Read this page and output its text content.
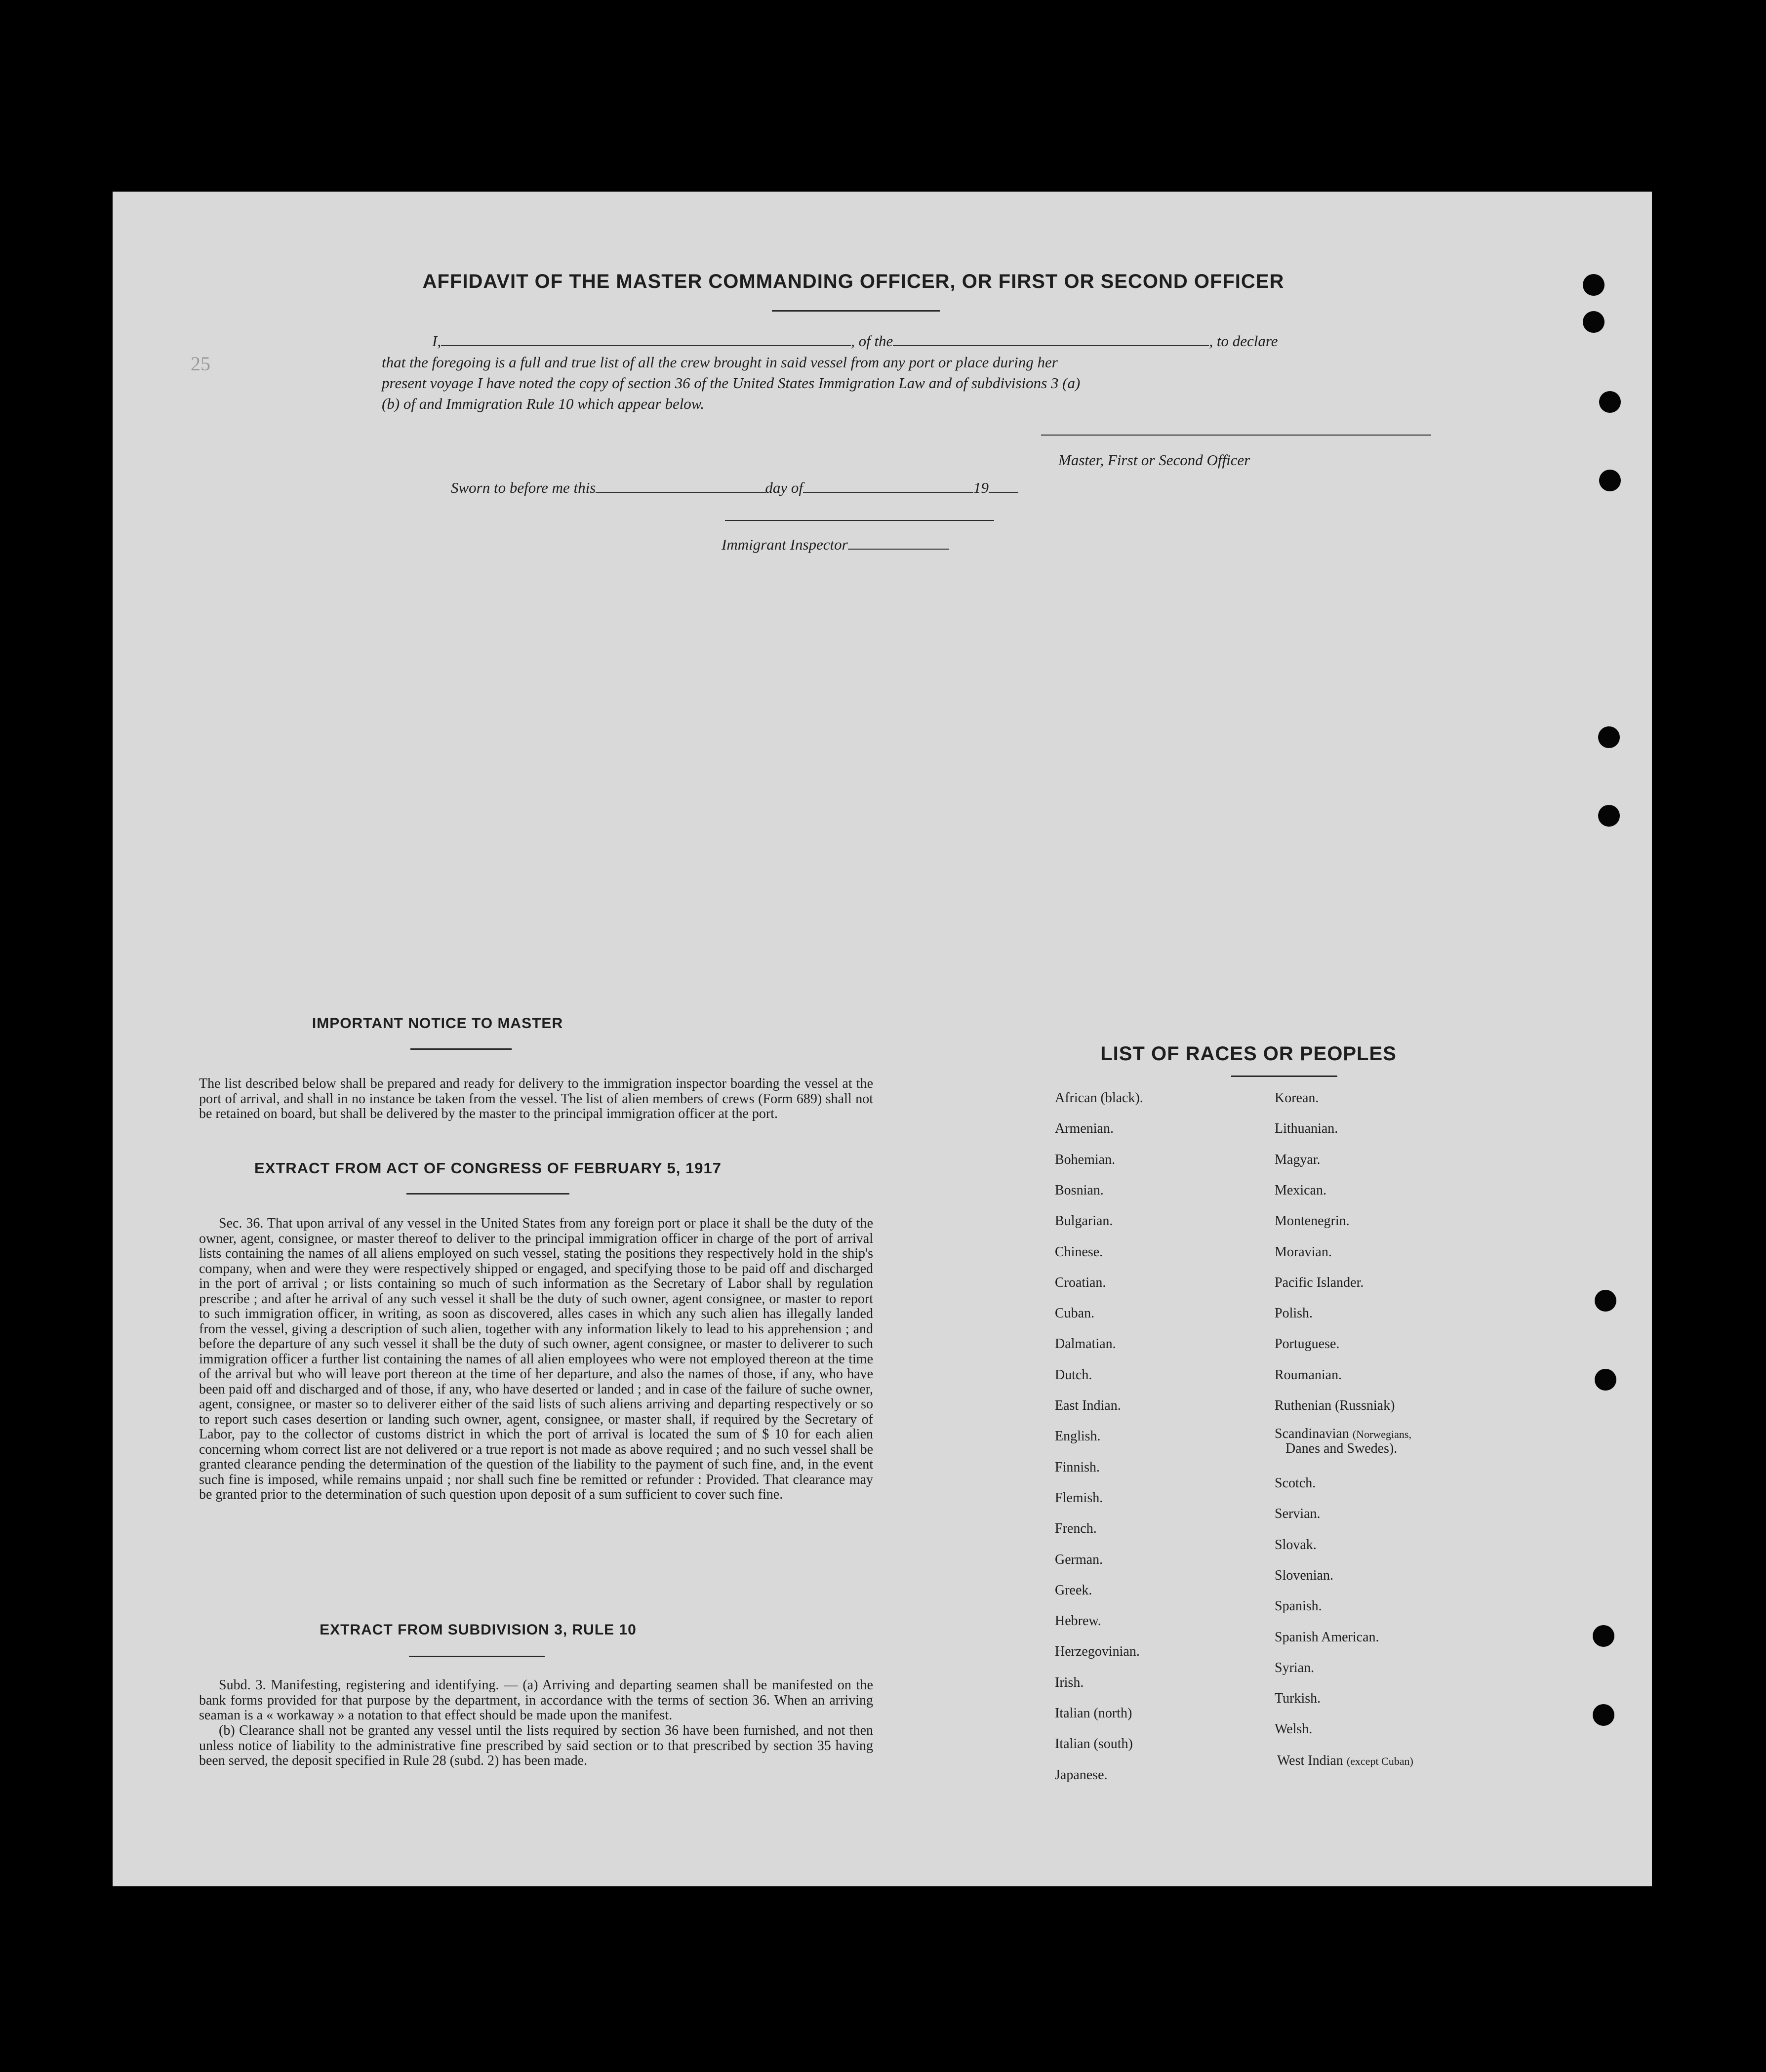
25
AFFIDAVIT OF THE MASTER COMMANDING OFFICER, OR FIRST OR SECOND OFFICER
I,	, of the	, to declare
that the foregoing is a full and true list of all the crew brought in said vessel from any port or place during her
present voyage I have noted the copy of section 36 of the United States Immigration Law and of subdivisions 3 (a)
(b) of and Immigration Rule 10 which appear below.
Master, First or Second Officer
Sworn to before me this	day of	19
Immigrant Inspector
IMPORTANT NOTICE TO MASTER
The list described below shall be prepared and ready for delivery to the immigration inspector boarding the vessel at the port of arrival, and shall in no instance be taken from the vessel. The list of alien members of crews (Form 689) shall not be retained on board, but shall be delivered by the master to the principal immigration officer at the port.
EXTRACT FROM ACT OF CONGRESS OF FEBRUARY 5, 1917
Sec. 36. That upon arrival of any vessel in the United States from any foreign port or place it shall be the duty of the owner, agent, consignee, or master thereof to deliver to the principal immigration officer in charge of the port of arrival lists containing the names of all aliens employed on such vessel, stating the positions they respectively hold in the ship's company, when and were they were respectively shipped or engaged, and specifying those to be paid off and discharged in the port of arrival ; or lists containing so much of such information as the Secretary of Labor shall by regulation prescribe ; and after he arrival of any such vessel it shall be the duty of such owner, agent consignee, or master to report to such immigration officer, in writing, as soon as discovered, alles cases in which any such alien has illegally landed from the vessel, giving a description of such alien, together with any information likely to lead to his apprehension ; and before the departure of any such vessel it shall be the duty of such owner, agent consignee, or master to deliverer to such immigration officer a further list containing the names of all alien employees who were not employed thereon at the time of the arrival but who will leave port thereon at the time of her departure, and also the names of those, if any, who have been paid off and discharged and of those, if any, who have deserted or landed ; and in case of the failure of suche owner, agent, consignee, or master so to deliverer either of the said lists of such aliens arriving and departing respectively or so to report such cases desertion or landing such owner, agent, consignee, or master shall, if required by the Secretary of Labor, pay to the collector of customs district in which the port of arrival is located the sum of $ 10 for each alien concerning whom correct list are not delivered or a true report is not made as above required ; and no such vessel shall be granted clearance pending the determination of the question of the liability to the payment of such fine, and, in the event such fine is imposed, while remains unpaid ; nor shall such fine be remitted or refunder : Provided. That clearance may be granted prior to the determination of such question upon deposit of a sum sufficient to cover such fine.
EXTRACT FROM SUBDIVISION 3, RULE 10
Subd. 3. Manifesting, registering and identifying. — (a) Arriving and departing seamen shall be manifested on the bank forms provided for that purpose by the department, in accordance with the terms of section 36. When an arriving seaman is a « workaway » a notation to that effect should be made upon the manifest.
(b) Clearance shall not be granted any vessel until the lists required by section 36 have been furnished, and not then unless notice of liability to the administrative fine prescribed by said section or to that prescribed by section 35 having been served, the deposit specified in Rule 28 (subd. 2) has been made.
LIST OF RACES OR PEOPLES
African (black).
Armenian.
Bohemian.
Bosnian.
Bulgarian.
Chinese.
Croatian.
Cuban.
Dalmatian.
Dutch.
East Indian.
English.
Finnish.
Flemish.
French.
German.
Greek.
Hebrew.
Herzegovinian.
Irish.
Italian (north)
Italian (south)
Japanese.
Korean.
Lithuanian.
Magyar.
Mexican.
Montenegrin.
Moravian.
Pacific Islander.
Polish.
Portuguese.
Roumanian.
Ruthenian (Russniak)
Scotch.
Servian.
Slovak.
Slovenian.
Spanish.
Spanish American.
Syrian.
Turkish.
Welsh.
Scandinavian (Norwegians,
Danes and Swedes).
West Indian (except Cuban)
